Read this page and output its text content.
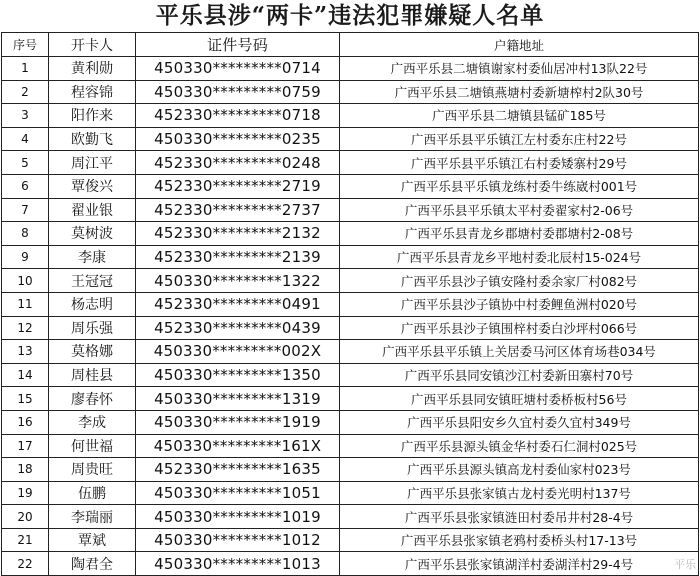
平乐县涉“两卡”违法犯罪嫌疑人名单
序号	开卡人	证件号码	户籍地址
1	黄利勋	450330*********0714	广西平乐县二塘镇谢家村委仙居冲村13队22号
2	程容锦	450330*********0759	广西平乐县二塘镇燕塘村委新塘榨村2队30号
3	阳作来	452330*********0718	广西平乐县二塘镇县锰矿185号
4	欧勤飞	450330*********0235	广西平乐县平乐镇江左村委东庄村22号
5	周江平	452330*********0248	广西平乐县平乐镇江右村委矮寨村29号
6	覃俊兴	452330*********2719	广西平乐县平乐镇龙练村委牛练崴村001号
7	翟业银	452330*********2737	广西平乐县平乐镇太平村委翟家村2-06号
8	莫树波	452330*********2132	广西平乐县青龙乡郡塘村委郡塘村2-08号
9	李康	452330*********2139	广西平乐县青龙乡平地村委北辰村15-024号
10	王冠冠	450330*********1322	广西平乐县沙子镇安隆村委余家厂村082号
11	杨志明	452330*********0491	广西平乐县沙子镇协中村委鲤鱼洲村020号
12	周乐强	452330*********0439	广西平乐县沙子镇围梓村委白沙坪村066号
13	莫格娜	450330*********002X	广西平乐县平乐镇上关居委马河区体育场巷034号
14	周桂县	450330*********1350	广西平乐县同安镇沙江村委新田寨村70号
15	廖春怀	450330*********1319	广西平乐县同安镇旺塘村委桥板村56号
16	李成	450330*********1919	广西平乐县阳安乡久宜村委久宜村349号
17	何世福	450330*********161X	广西平乐县源头镇金华村委石仁洞村025号
18	周贵旺	452330*********1635	广西平乐县源头镇高龙村委仙家村023号
19	伍鹏	450330*********1051	广西平乐县张家镇古龙村委光明村137号
20	李瑞丽	450330*********1019	广西平乐县张家镇涟田村委吊井村28-4号
21	覃斌	450330*********1012	广西平乐县张家镇老鸦村委桥头村17-13号
22	陶君全	450330*********1013	广西平乐县张家镇湖洋村委湖洋村29-4号	平乐
